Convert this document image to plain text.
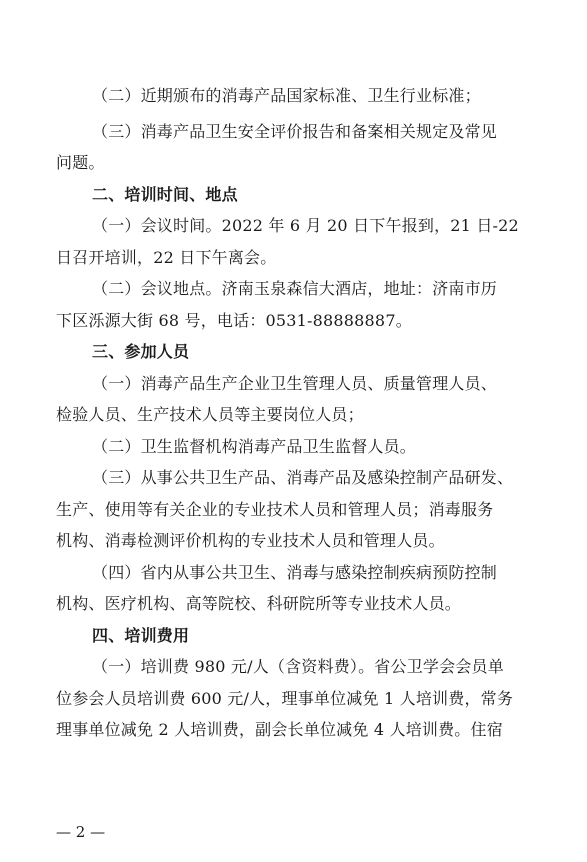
（二）近期颁布的消毒产品国家标准、卫生行业标准；
（三）消毒产品卫生安全评价报告和备案相关规定及常见
问题。
二、培训时间、地点
（一）会议时间。2022 年 6 月 20 日下午报到，21 日-22
日召开培训，22 日下午离会。
（二）会议地点。济南玉泉森信大酒店，地址：济南市历
下区泺源大街 68 号，电话：0531-88888887。
三、参加人员
（一）消毒产品生产企业卫生管理人员、质量管理人员、
检验人员、生产技术人员等主要岗位人员；
（二）卫生监督机构消毒产品卫生监督人员。
（三）从事公共卫生产品、消毒产品及感染控制产品研发、
生产、使用等有关企业的专业技术人员和管理人员；消毒服务
机构、消毒检测评价机构的专业技术人员和管理人员。
（四）省内从事公共卫生、消毒与感染控制疾病预防控制
机构、医疗机构、高等院校、科研院所等专业技术人员。
四、培训费用
（一）培训费 980 元/人（含资料费）。省公卫学会会员单
位参会人员培训费 600 元/人，理事单位减免 1 人培训费，常务
理事单位减免 2 人培训费，副会长单位减免 4 人培训费。住宿
— 2 —
